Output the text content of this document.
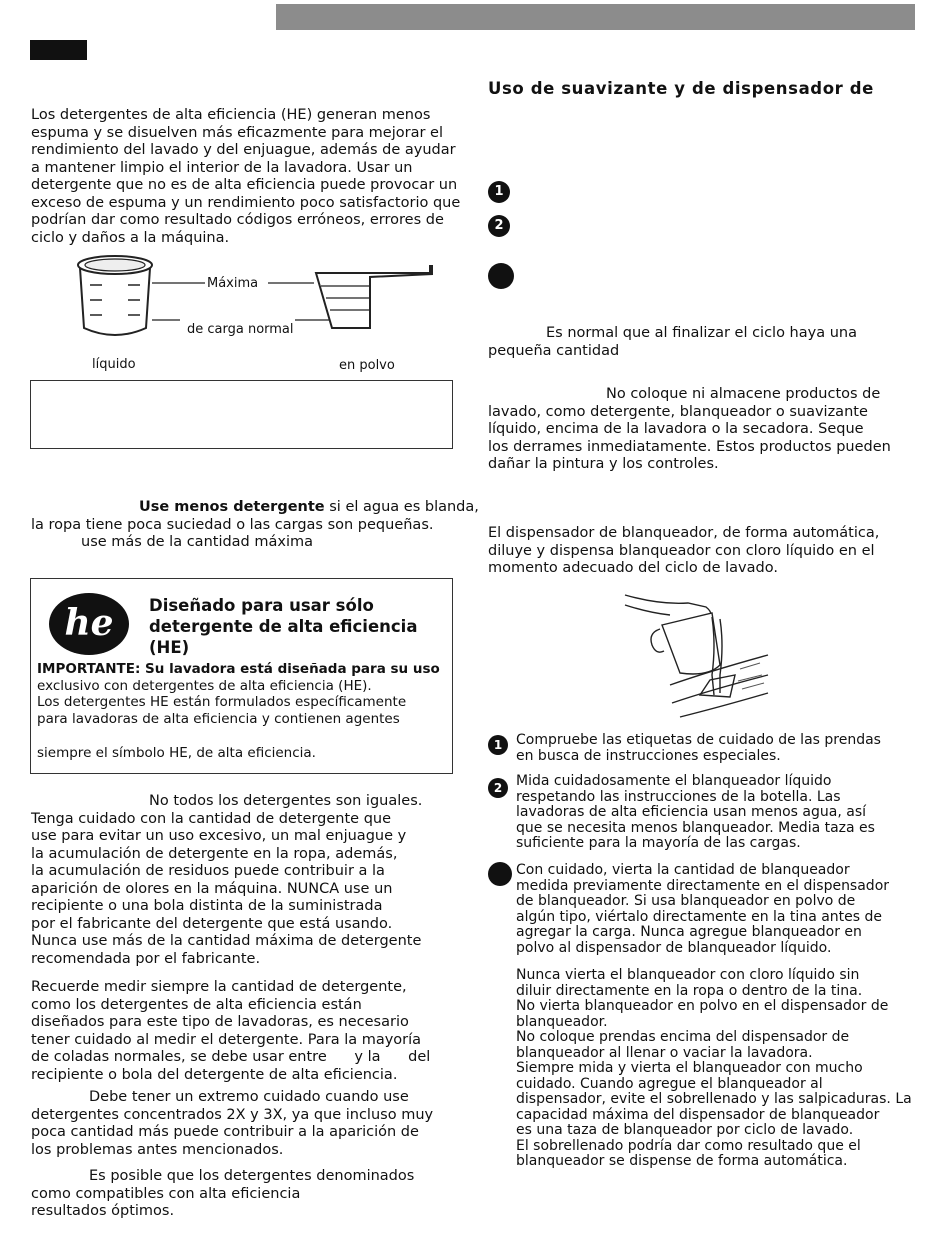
Los detergentes de alta eficiencia (HE) generan menos
espuma y se disuelven más eficazmente para mejorar el
rendimiento del lavado y del enjuague, además de ayudar
a mantener limpio el interior de la lavadora. Usar un
detergente que no es de alta eficiencia puede provocar un
exceso de espuma y un rendimiento poco satisfactorio que
podrían dar como resultado códigos erróneos, errores de
ciclo y daños a la máquina.
Máxima
de carga normal
líquido	en polvo
Use menos detergente si el agua es blanda,
la ropa tiene poca suciedad o las cargas son pequeñas.
use más de la cantidad máxima
he Diseñado para usar sólo
detergente de alta eficiencia (HE)
IMPORTANTE: Su lavadora está diseñada para su uso
exclusivo con detergentes de alta eficiencia (HE).
Los detergentes HE están formulados específicamente
para lavadoras de alta eficiencia y contienen agentes
siempre el símbolo HE, de alta eficiencia.
No todos los detergentes son iguales.
Tenga cuidado con la cantidad de detergente que
use para evitar un uso excesivo, un mal enjuague y
la acumulación de detergente en la ropa, además,
la acumulación de residuos puede contribuir a la
aparición de olores en la máquina. NUNCA use un
recipiente o una bola distinta de la suministrada
por el fabricante del detergente que está usando.
Nunca use más de la cantidad máxima de detergente
recomendada por el fabricante.
Recuerde medir siempre la cantidad de detergente,
como los detergentes de alta eficiencia están
diseñados para este tipo de lavadoras, es necesario
tener cuidado al medir el detergente. Para la mayoría
de coladas normales, se debe usar entre      y la      del
recipiente o bola del detergente de alta eficiencia.
Debe tener un extremo cuidado cuando use
detergentes concentrados 2X y 3X, ya que incluso muy
poca cantidad más puede contribuir a la aparición de
los problemas antes mencionados.
Es posible que los detergentes denominados
como compatibles con alta eficiencia
resultados óptimos.
Uso de suavizante y de dispensador de
1
2
Es normal que al finalizar el ciclo haya una
pequeña cantidad
No coloque ni almacene productos de
lavado, como detergente, blanqueador o suavizante
líquido, encima de la lavadora o la secadora. Seque
los derrames inmediatamente. Estos productos pueden
dañar la pintura y los controles.
El dispensador de blanqueador, de forma automática,
diluye y dispensa blanqueador con cloro líquido en el
momento adecuado del ciclo de lavado.
1 Compruebe las etiquetas de cuidado de las prendas
en busca de instrucciones especiales.
2 Mida cuidadosamente el blanqueador líquido
respetando las instrucciones de la botella. Las
lavadoras de alta eficiencia usan menos agua, así
que se necesita menos blanqueador. Media taza es
suficiente para la mayoría de las cargas.
Con cuidado, vierta la cantidad de blanqueador
medida previamente directamente en el dispensador
de blanqueador. Si usa blanqueador en polvo de
algún tipo, viértalo directamente en la tina antes de
agregar la carga. Nunca agregue blanqueador en
polvo al dispensador de blanqueador líquido.
Nunca vierta el blanqueador con cloro líquido sin
diluir directamente en la ropa o dentro de la tina.
No vierta blanqueador en polvo en el dispensador de
blanqueador.
No coloque prendas encima del dispensador de
blanqueador al llenar o vaciar la lavadora.
Siempre mida y vierta el blanqueador con mucho
cuidado. Cuando agregue el blanqueador al
dispensador, evite el sobrellenado y las salpicaduras. La
capacidad máxima del dispensador de blanqueador
es una taza de blanqueador por ciclo de lavado.
El sobrellenado podría dar como resultado que el
blanqueador se dispense de forma automática.
